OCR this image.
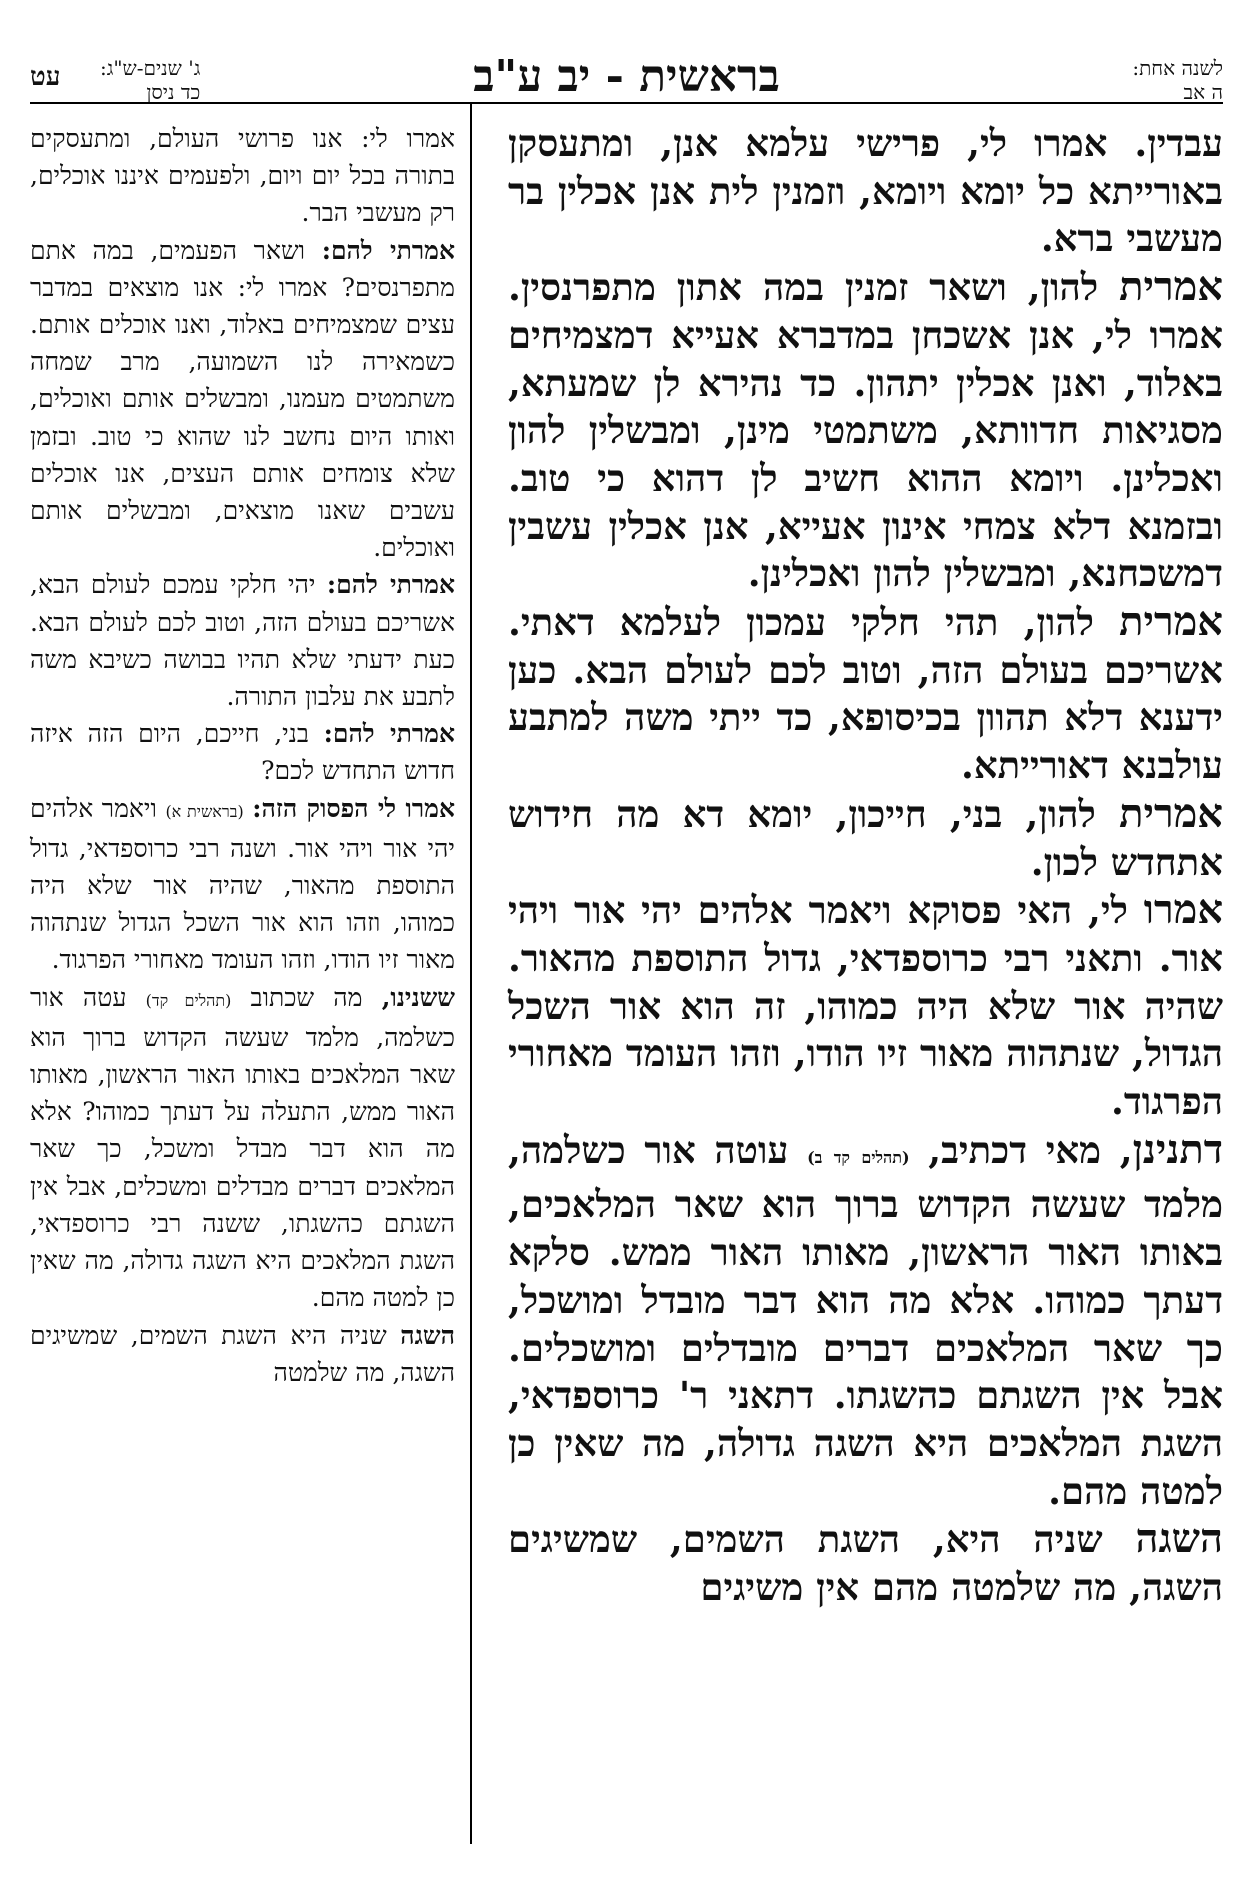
לשנה אחת:
ה אב
בראשית - יב ע"ב
ג' שנים-ש"ג:
כד ניסן
עט

עבדין. אמרו לי, פרישי עלמא אנן, ומתעסקן באורייתא כל יומא ויומא, וזמנין לית אנן אכלין בר מעשבי ברא.

אמרית להון, ושאר זמנין במה אתון מתפרנסין. אמרו לי, אנן אשכחן במדברא אעייא דמצמיחים באלוד, ואנן אכלין יתהון. כד נהירא לן שמעתא, מסגיאות חדוותא, משתמטי מינן, ומבשלין להון ואכלינן. ויומא ההוא חשיב לן דהוא כי טוב. ובזמנא דלא צמחי אינון אעייא, אנן אכלין עשבין דמשכחנא, ומבשלין להון ואכלינן.

אמרית להון, תהי חלקי עמכון לעלמא דאתי. אשריכם בעולם הזה, וטוב לכם לעולם הבא. כען ידענא דלא תהוון בכיסופא, כד ייתי משה למתבע עולבנא דאורייתא.

אמרית להון, בני, חייכון, יומא דא מה חידוש אתחדש לכון.

אמרו לי, האי פסוקא ויאמר אלהים יהי אור ויהי אור. ותאני רבי כרוספדאי, גדול התוספת מהאור. שהיה אור שלא היה כמוהו, זה הוא אור השכל הגדול, שנתהוה מאור זיו הודו, וזהו העומד מאחורי הפרגוד.

דתנינן, מאי דכתיב, (תהלים קד ב) עוטה אור כשלמה, מלמד שעשה הקדוש ברוך הוא שאר המלאכים, באותו האור הראשון, מאותו האור ממש. סלקא דעתך כמוהו. אלא מה הוא דבר מובדל ומושכל, כך שאר המלאכים דברים מובדלים ומושכלים. אבל אין השגתם כהשגתו. דתאני ר' כרוספדאי, השגת המלאכים היא השגה גדולה, מה שאין כן למטה מהם.

השגה שניה היא, השגת השמים, שמשיגים השגה, מה שלמטה מהם אין משיגים

אמרו לי: אנו פרושי העולם, ומתעסקים בתורה בכל יום ויום, ולפעמים איננו אוכלים, רק מעשבי הבר.

אמרתי להם: ושאר הפעמים, במה אתם מתפרנסים? אמרו לי: אנו מוצאים במדבר עצים שמצמיחים באלוד, ואנו אוכלים אותם. כשמאירה לנו השמועה, מרב שמחה משתמטים מעמנו, ומבשלים אותם ואוכלים, ואותו היום נחשב לנו שהוא כי טוב. ובזמן שלא צומחים אותם העצים, אנו אוכלים עשבים שאנו מוצאים, ומבשלים אותם ואוכלים.

אמרתי להם: יהי חלקי עמכם לעולם הבא, אשריכם בעולם הזה, וטוב לכם לעולם הבא. כעת ידעתי שלא תהיו בבושה כשיבא משה לתבע את עלבון התורה.

אמרתי להם: בני, חייכם, היום הזה איזה חדוש התחדש לכם?

אמרו לי הפסוק הזה: (בראשית א) ויאמר אלהים יהי אור ויהי אור. ושנה רבי כרוספדאי, גדול התוספת מהאור, שהיה אור שלא היה כמוהו, וזהו הוא אור השכל הגדול שנתהוה מאור זיו הודו, וזהו העומד מאחורי הפרגוד.

ששנינו, מה שכתוב (תהלים קד) עטה אור כשלמה, מלמד שעשה הקדוש ברוך הוא שאר המלאכים באותו האור הראשון, מאותו האור ממש, התעלה על דעתך כמוהו? אלא מה הוא דבר מבדל ומשכל, כך שאר המלאכים דברים מבדלים ומשכלים, אבל אין השגתם כהשגתו, ששנה רבי כרוספדאי, השגת המלאכים היא השגה גדולה, מה שאין כן למטה מהם.

השגה שניה היא השגת השמים, שמשיגים השגה, מה שלמטה
